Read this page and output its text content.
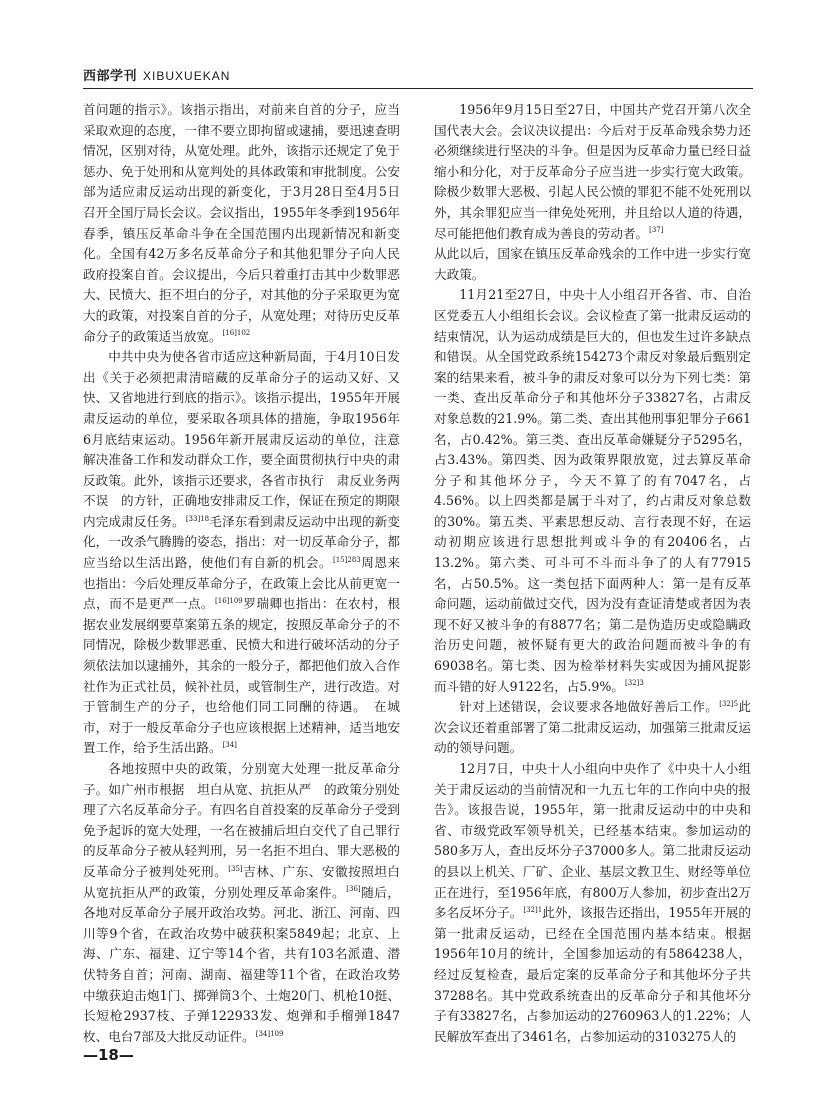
西部学刊 XIBUXUEKAN

首问题的指示》。该指示指出，对前来自首的分子，应当采取欢迎的态度，一律不要立即拘留或逮捕，要迅速查明情况，区别对待，从宽处理。此外，该指示还规定了免于惩办、免于处刑和从宽判处的具体政策和审批制度。公安部为适应肃反运动出现的新变化，于3月28日至4月5日召开全国厅局长会议。会议指出，1955年冬季到1956年春季，镇压反革命斗争在全国范围内出现新情况和新变化。全国有42万多名反革命分子和其他犯罪分子向人民政府投案自首。会议提出，今后只着重打击其中少数罪恶大、民愤大、拒不坦白的分子，对其他的分子采取更为宽大的政策，对投案自首的分子，从宽处理；对待历史反革命分子的政策适当放宽。$^{[16]102}$

中共中央为使各省市适应这种新局面，于4月10日发出《关于必须把肃清暗藏的反革命分子的运动又好、又快、又省地进行到底的指示》。该指示提出，1955年开展肃反运动的单位，要采取各项具体的措施，争取1956年6月底结束运动。1956年新开展肃反运动的单位，注意解决准备工作和发动群众工作，要全面贯彻执行中央的肃反政策。此外，该指示还要求，各省市执行　肃反业务两不误　的方针，正确地安排肃反工作，保证在预定的期限内完成肃反任务。$^{[33]18}$毛泽东看到肃反运动中出现的新变化，一改杀气腾腾的姿态，指出：对一切反革命分子，都应当给以生活出路，使他们有自新的机会。$^{[15]283}$周恩来也指出：今后处理反革命分子，在政策上会比从前更宽一点，而不是更严一点。$^{[16]109}$罗瑞卿也指出：在农村，根据农业发展纲要草案第五条的规定，按照反革命分子的不同情况，除极少数罪恶重、民愤大和进行破坏活动的分子须依法加以逮捕外，其余的一般分子，都把他们放入合作社作为正式社员，候补社员，或管制生产，进行改造。对于管制生产的分子，也给他们同工同酬的待遇。　在城市，对于一般反革命分子也应该根据上述精神，适当地安置工作，给予生活出路。[34]

各地按照中央的政策，分别宽大处理一批反革命分子。如广州市根据　坦白从宽、抗拒从严　的政策分别处理了六名反革命分子。有四名自首投案的反革命分子受到免予起诉的宽大处理，一名在被捕后坦白交代了自己罪行的反革命分子被从轻判刑，另一名拒不坦白、罪大恶极的反革命分子被判处死刑。[35]吉林、广东、安徽按照坦白从宽抗拒从严的政策，分别处理反革命案件。[36]随后，各地对反革命分子展开政治攻势。河北、浙江、河南、四川等9个省，在政治攻势中破获积案5849起；北京、上海、广东、福建、辽宁等14个省，共有103名派遣、潜伏特务自首；河南、湖南、福建等11个省，在政治攻势中缴获迫击炮1门、掷弹筒3个、土炮20门、机枪10挺、长短枪2937枝、子弹122933发、炮弹和手榴弹1847枚、电台7部及大批反动证件。$^{[34]109}$

1956年9月15日至27日，中国共产党召开第八次全国代表大会。会议决议提出：今后对于反革命残余势力还必须继续进行坚决的斗争。但是因为反革命力量已经日益缩小和分化，对于反革命分子应当进一步实行宽大政策。除极少数罪大恶极、引起人民公愤的罪犯不能不处死刑以外，其余罪犯应当一律免处死刑，并且给以人道的待遇，尽可能把他们教育成为善良的劳动者。[37]

从此以后，国家在镇压反革命残余的工作中进一步实行宽大政策。

11月21至27日，中央十人小组召开各省、市、自治区党委五人小组组长会议。会议检查了第一批肃反运动的结束情况，认为运动成绩是巨大的，但也发生过许多缺点和错误。从全国党政系统154273个肃反对象最后甄别定案的结果来看，被斗争的肃反对象可以分为下列七类：第一类、查出反革命分子和其他坏分子33827名，占肃反对象总数的21.9%。第二类、查出其他刑事犯罪分子661名，占0.42%。第三类、查出反革命嫌疑分子5295名，占3.43%。第四类、因为政策界限放宽，过去算反革命分子和其他坏分子，今天不算了的有7047名，占4.56%。以上四类都是属于斗对了，约占肃反对象总数的30%。第五类、平素思想反动、言行表现不好，在运动初期应该进行思想批判或斗争的有20406名，占13.2%。第六类、可斗可不斗而斗争了的人有77915名，占50.5%。这一类包括下面两种人：第一是有反革命问题，运动前做过交代，因为没有查证清楚或者因为表现不好又被斗争的有8877名；第二是伪造历史或隐瞒政治历史问题，被怀疑有更大的政治问题而被斗争的有69038名。第七类、因为检举材料失实或因为捕风捉影而斗错的好人9122名，占5.9%。$^{[32]3}$

针对上述错误，会议要求各地做好善后工作。$^{[32]5}$此次会议还着重部署了第二批肃反运动，加强第三批肃反运动的领导问题。

12月7日，中央十人小组向中央作了《中央十人小组关于肃反运动的当前情况和一九五七年的工作向中央的报告》。该报告说，1955年，第一批肃反运动中的中央和省、市级党政军领导机关，已经基本结束。参加运动的580多万人，查出反坏分子37000多人。第二批肃反运动的县以上机关、厂矿、企业、基层文教卫生、财经等单位正在进行，至1956年底，有800万人参加，初步查出2万多名反坏分子。$^{[32]1}$此外，该报告还指出，1955年开展的第一批肃反运动，已经在全国范围内基本结束。根据1956年10月的统计，全国参加运动的有5864238人，经过反复检查，最后定案的反革命分子和其他坏分子共37288名。其中党政系统查出的反革命分子和其他坏分子有33827名，占参加运动的2760963人的1.22%；人民解放军查出了3461名，占参加运动的3103275人的

—18—
